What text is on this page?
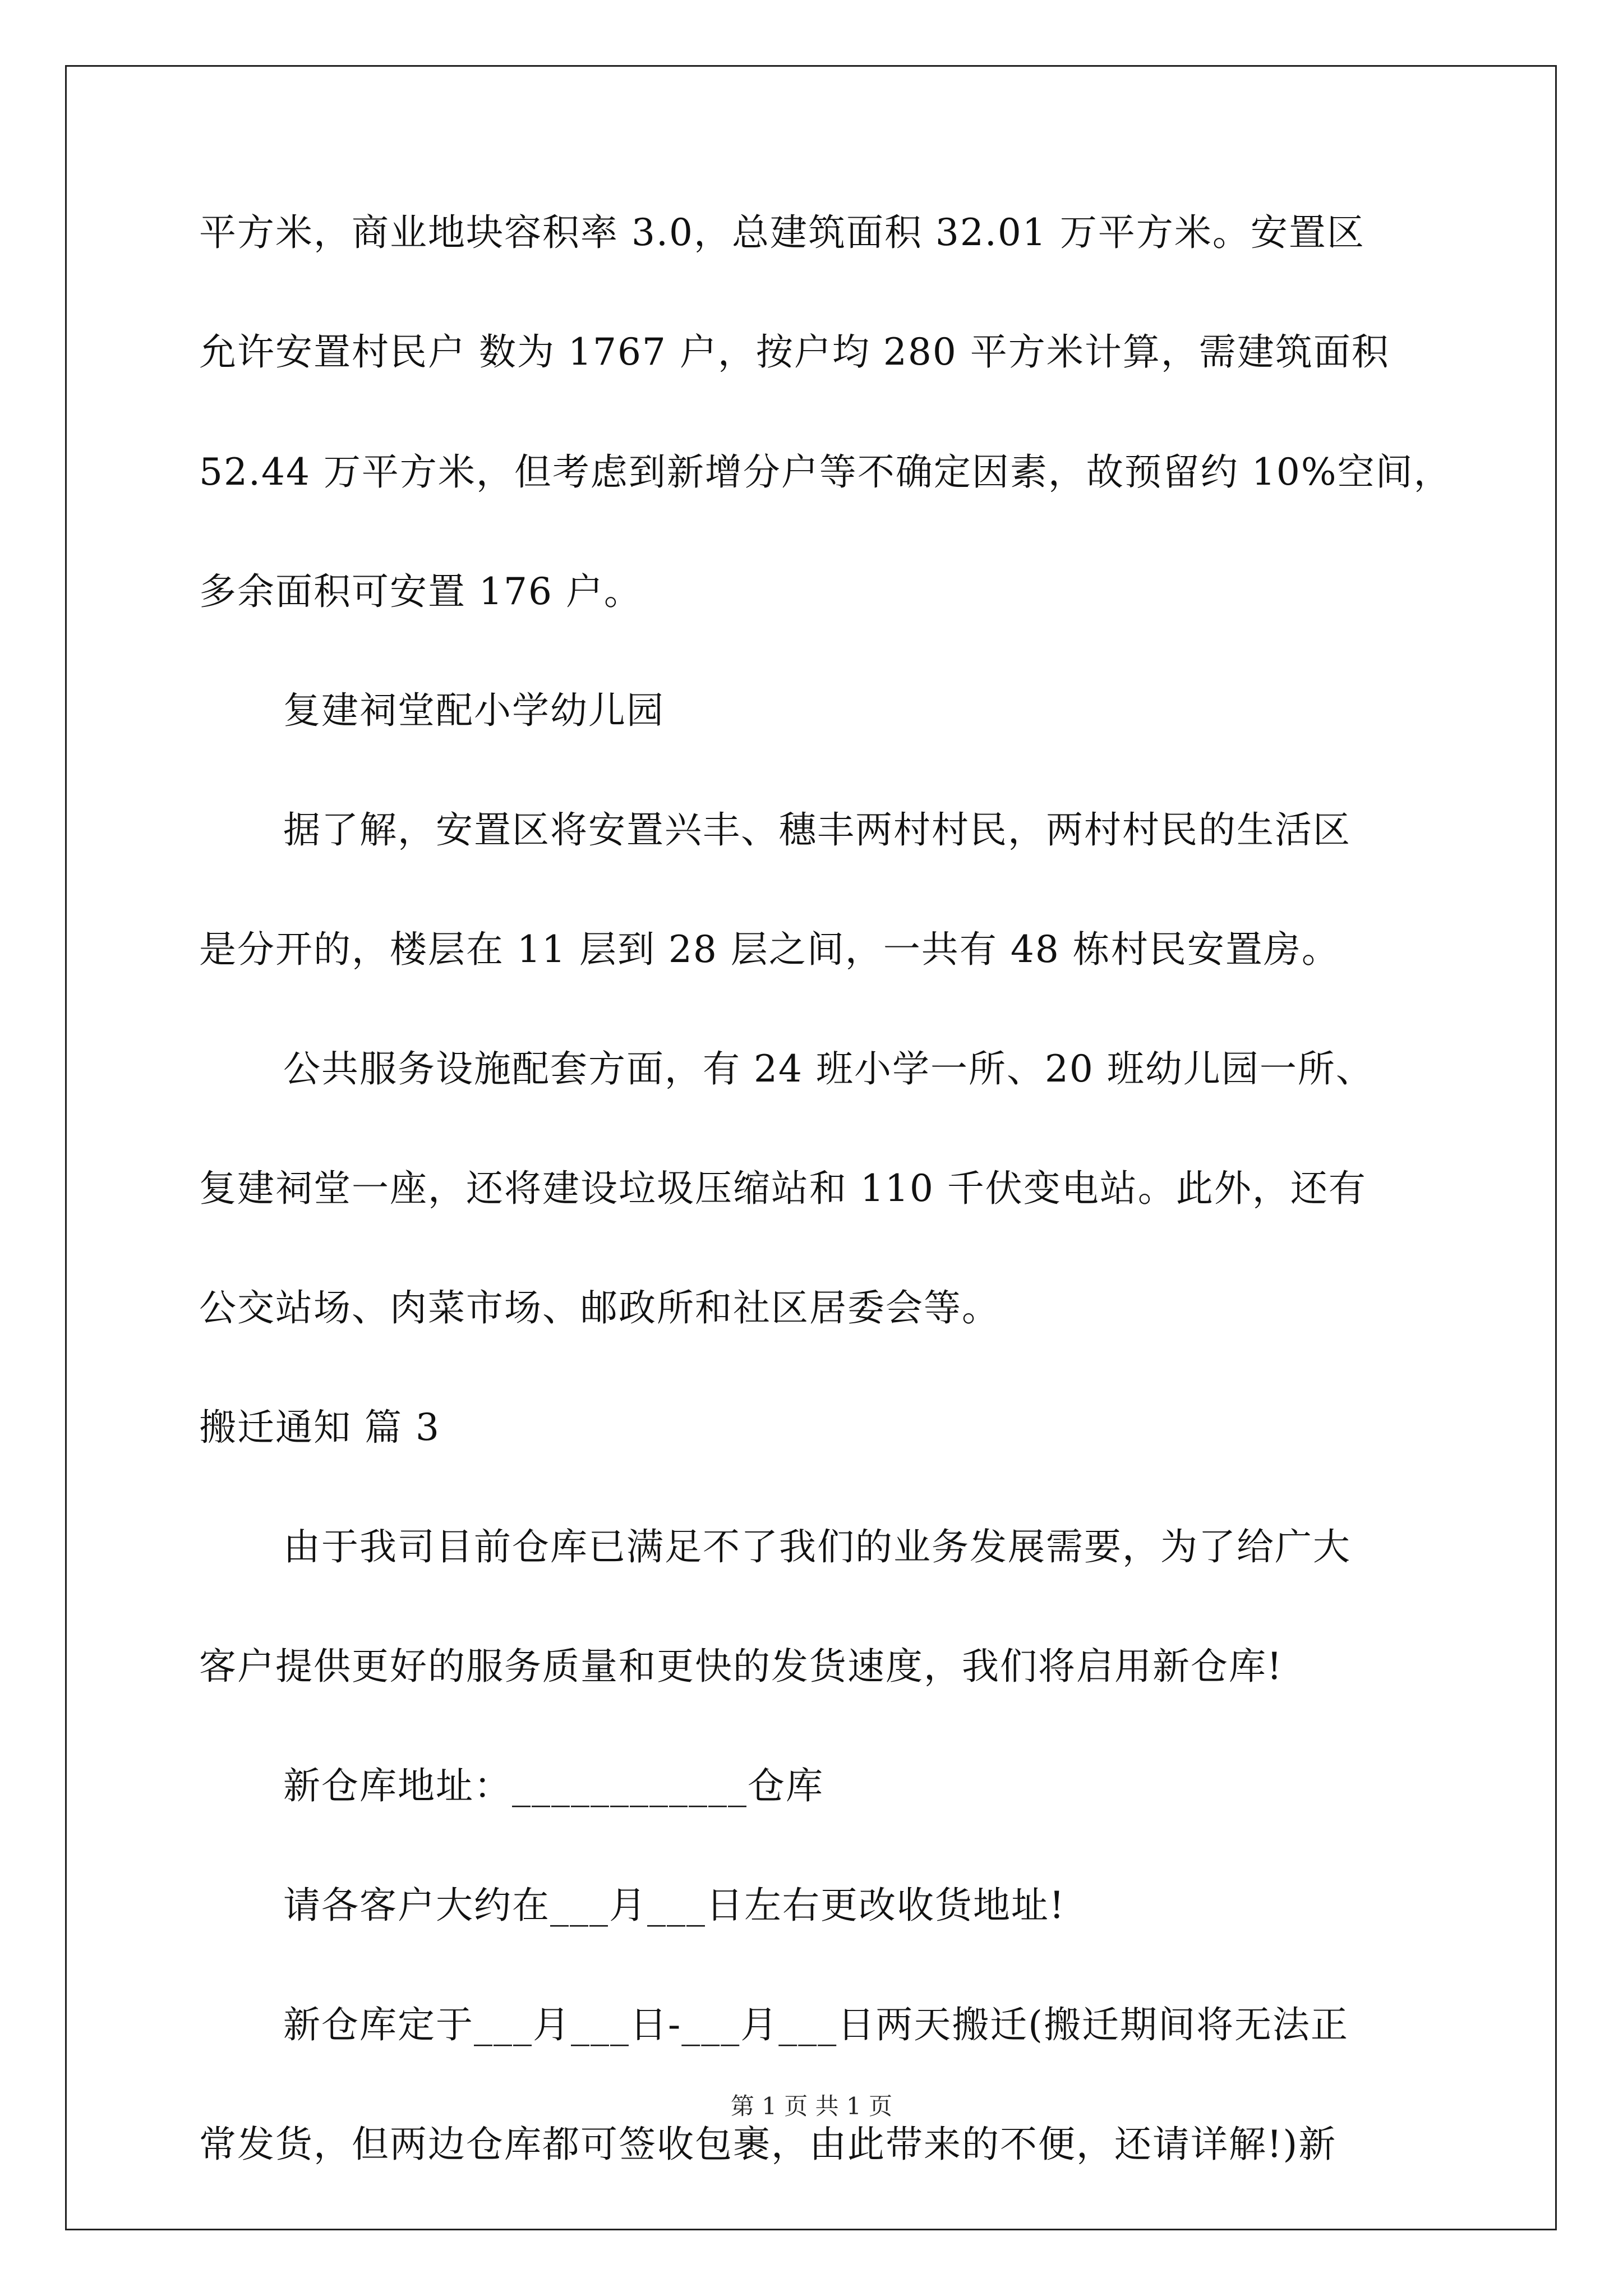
平方米，商业地块容积率 3.0，总建筑面积 32.01 万平方米。安置区
允许安置村民户 数为 1767 户，按户均 280 平方米计算，需建筑面积
52.44 万平方米，但考虑到新增分户等不确定因素，故预留约 10%空间，
多余面积可安置 176 户。
复建祠堂配小学幼儿园
据了解，安置区将安置兴丰、穗丰两村村民，两村村民的生活区
是分开的，楼层在 11 层到 28 层之间，一共有 48 栋村民安置房。
公共服务设施配套方面，有 24 班小学一所、20 班幼儿园一所、
复建祠堂一座，还将建设垃圾压缩站和 110 千伏变电站。此外，还有
公交站场、肉菜市场、邮政所和社区居委会等。
搬迁通知 篇 3
由于我司目前仓库已满足不了我们的业务发展需要，为了给广大
客户提供更好的服务质量和更快的发货速度，我们将启用新仓库!
新仓库地址：____________仓库
请各客户大约在___月___日左右更改收货地址!
新仓库定于___月___日-___月___日两天搬迁(搬迁期间将无法正
常发货，但两边仓库都可签收包裹，由此带来的不便，还请详解!)新
第 1 页 共 1 页
